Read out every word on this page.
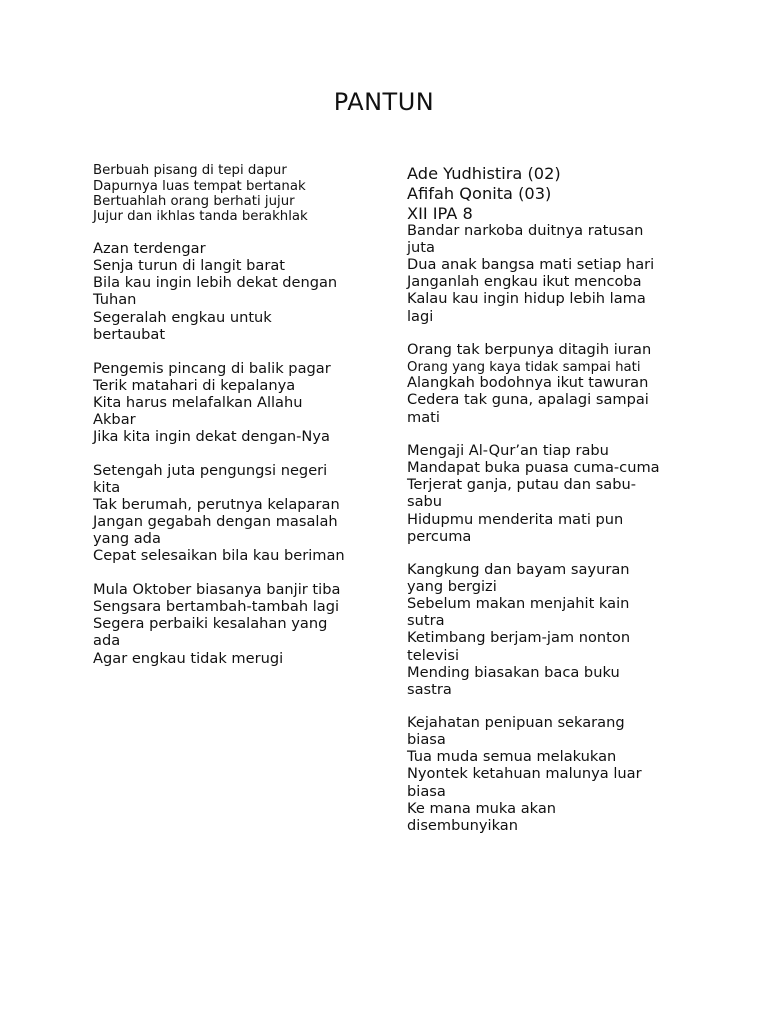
PANTUN
Berbuah pisang di tepi dapur
Dapurnya luas tempat bertanak
Bertuahlah orang berhati jujur
Jujur dan ikhlas tanda berakhlak
Azan terdengar
Senja turun di langit barat
Bila kau ingin lebih dekat dengan
Tuhan
Segeralah engkau untuk
bertaubat
Pengemis pincang di balik pagar
Terik matahari di kepalanya
Kita harus melafalkan Allahu
Akbar
Jika kita ingin dekat dengan-Nya
Setengah juta pengungsi negeri
kita
Tak berumah, perutnya kelaparan
Jangan gegabah dengan masalah
yang ada
Cepat selesaikan bila kau beriman
Mula Oktober biasanya banjir tiba
Sengsara bertambah-tambah lagi
Segera perbaiki kesalahan yang
ada
Agar engkau tidak merugi
Ade Yudhistira (02)
Afifah Qonita (03)
XII IPA 8
Bandar narkoba duitnya ratusan
juta
Dua anak bangsa mati setiap hari
Janganlah engkau ikut mencoba
Kalau kau ingin hidup lebih lama
lagi
Orang tak berpunya ditagih iuran
Orang yang kaya tidak sampai hati
Alangkah bodohnya ikut tawuran
Cedera tak guna, apalagi sampai
mati
Mengaji Al-Qur’an tiap rabu
Mandapat buka puasa cuma-cuma
Terjerat ganja, putau dan sabu-
sabu
Hidupmu menderita mati pun
percuma
Kangkung dan bayam sayuran
yang bergizi
Sebelum makan menjahit kain
sutra
Ketimbang berjam-jam nonton
televisi
Mending biasakan baca buku
sastra
Kejahatan penipuan sekarang
biasa
Tua muda semua melakukan
Nyontek ketahuan malunya luar
biasa
Ke mana muka akan
disembunyikan
